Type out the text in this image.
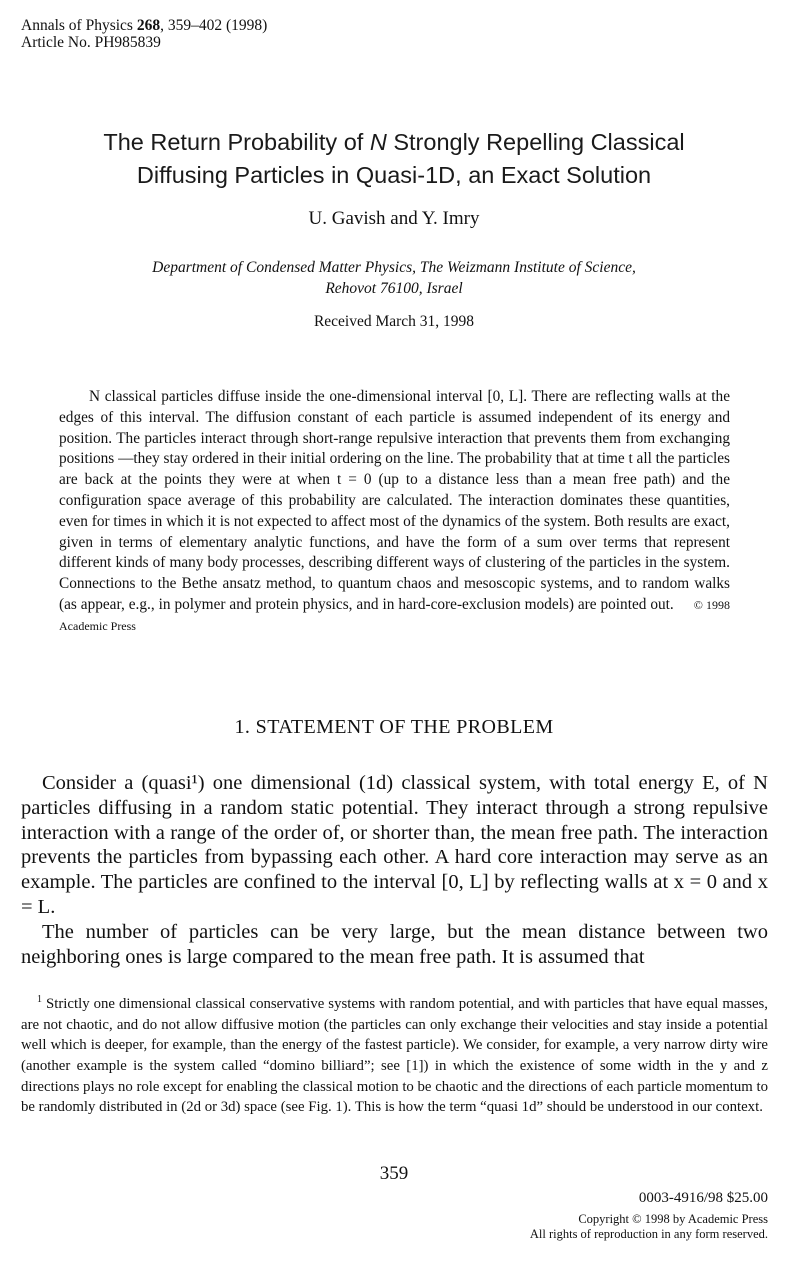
Annals of Physics 268, 359–402 (1998)
Article No. PH985839
The Return Probability of N Strongly Repelling Classical
Diffusing Particles in Quasi-1D, an Exact Solution
U. Gavish and Y. Imry
Department of Condensed Matter Physics, The Weizmann Institute of Science,
Rehovot 76100, Israel
Received March 31, 1998
N classical particles diffuse inside the one-dimensional interval [0, L]. There are reflecting walls at the edges of this interval. The diffusion constant of each particle is assumed independent of its energy and position. The particles interact through short-range repulsive interaction that prevents them from exchanging positions —they stay ordered in their initial ordering on the line. The probability that at time t all the particles are back at the points they were at when t = 0 (up to a distance less than a mean free path) and the configuration space average of this probability are calculated. The interaction dominates these quantities, even for times in which it is not expected to affect most of the dynamics of the system. Both results are exact, given in terms of elementary analytic functions, and have the form of a sum over terms that represent different kinds of many body processes, describing different ways of clustering of the particles in the system. Connections to the Bethe ansatz method, to quantum chaos and mesoscopic systems, and to random walks (as appear, e.g., in polymer and protein physics, and in hard-core-exclusion models) are pointed out. © 1998 Academic Press
1. STATEMENT OF THE PROBLEM

Consider a (quasi¹) one dimensional (1d) classical system, with total energy E, of N particles diffusing in a random static potential. They interact through a strong repulsive interaction with a range of the order of, or shorter than, the mean free path. The interaction prevents the particles from bypassing each other. A hard core interaction may serve as an example. The particles are confined to the interval [0, L] by reflecting walls at x = 0 and x = L.

The number of particles can be very large, but the mean distance between two neighboring ones is large compared to the mean free path. It is assumed that

$^1$ Strictly one dimensional classical conservative systems with random potential, and with particles that have equal masses, are not chaotic, and do not allow diffusive motion (the particles can only exchange their velocities and stay inside a potential well which is deeper, for example, than the energy of the fastest particle). We consider, for example, a very narrow dirty wire (another example is the system called “domino billiard”; see [1]) in which the existence of some width in the y and z directions plays no role except for enabling the classical motion to be chaotic and the directions of each particle momentum to be randomly distributed in (2d or 3d) space (see Fig. 1). This is how the term “quasi 1d” should be understood in our context.
359
0003-4916/98 $25.00
Copyright © 1998 by Academic Press
All rights of reproduction in any form reserved.
